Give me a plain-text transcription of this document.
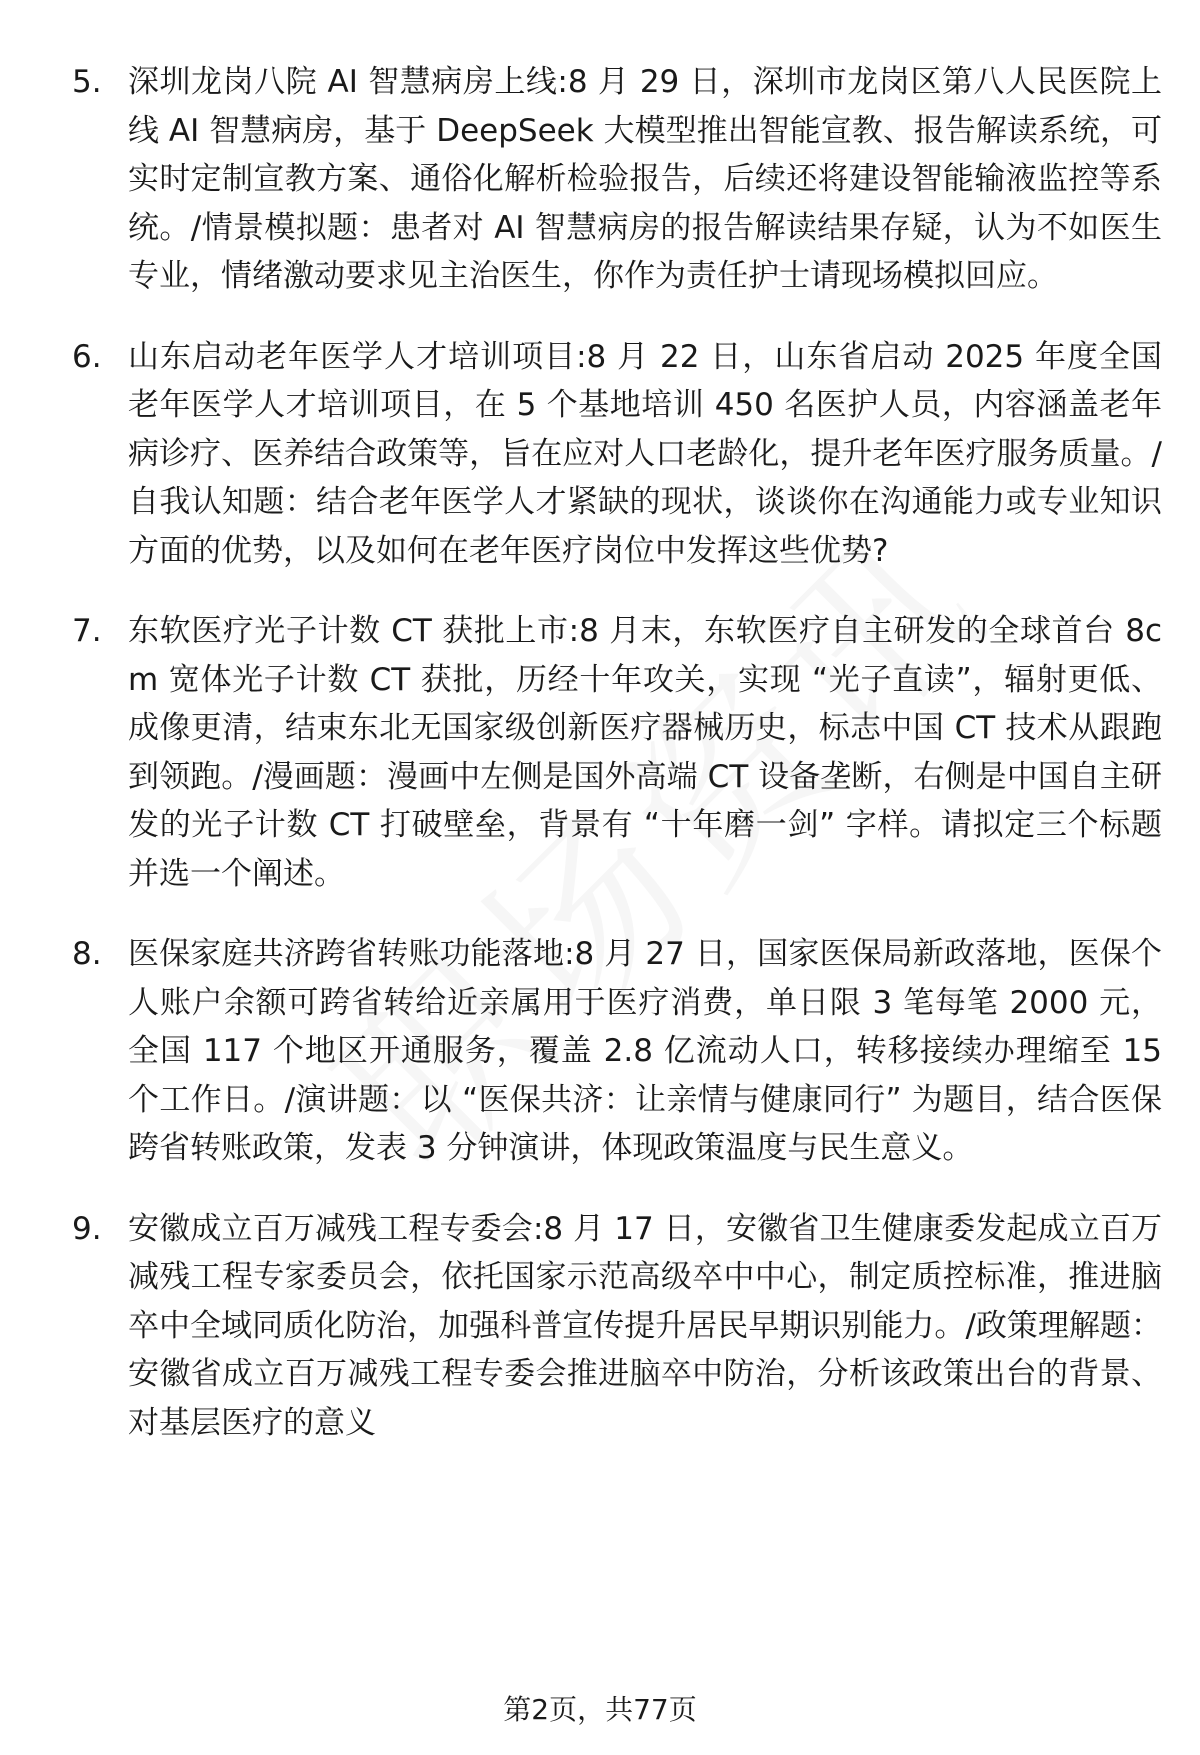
5. 深圳龙岗八院 AI 智慧病房上线:8 月 29 日，深圳市龙岗区第八人民医院上线 AI 智慧病房，基于 DeepSeek 大模型推出智能宣教、报告解读系统，可实时定制宣教方案、通俗化解析检验报告，后续还将建设智能输液监控等系统。/情景模拟题：患者对 AI 智慧病房的报告解读结果存疑，认为不如医生专业，情绪激动要求见主治医生，你作为责任护士请现场模拟回应。
6. 山东启动老年医学人才培训项目:8 月 22 日，山东省启动 2025 年度全国老年医学人才培训项目，在 5 个基地培训 450 名医护人员，内容涵盖老年病诊疗、医养结合政策等，旨在应对人口老龄化，提升老年医疗服务质量。/自我认知题：结合老年医学人才紧缺的现状，谈谈你在沟通能力或专业知识方面的优势，以及如何在老年医疗岗位中发挥这些优势?
7. 东软医疗光子计数 CT 获批上市:8 月末，东软医疗自主研发的全球首台 8cm 宽体光子计数 CT 获批，历经十年攻关，实现 “光子直读”，辐射更低、成像更清，结束东北无国家级创新医疗器械历史，标志中国 CT 技术从跟跑到领跑。/漫画题：漫画中左侧是国外高端 CT 设备垄断，右侧是中国自主研发的光子计数 CT 打破壁垒，背景有 “十年磨一剑” 字样。请拟定三个标题并选一个阐述。
8. 医保家庭共济跨省转账功能落地:8 月 27 日，国家医保局新政落地，医保个人账户余额可跨省转给近亲属用于医疗消费，单日限 3 笔每笔 2000 元，全国 117 个地区开通服务，覆盖 2.8 亿流动人口，转移接续办理缩至 15 个工作日。/演讲题：以 “医保共济：让亲情与健康同行” 为题目，结合医保跨省转账政策，发表 3 分钟演讲，体现政策温度与民生意义。
9. 安徽成立百万减残工程专委会:8 月 17 日，安徽省卫生健康委发起成立百万减残工程专家委员会，依托国家示范高级卒中中心，制定质控标准，推进脑卒中全域同质化防治，加强科普宣传提升居民早期识别能力。/政策理解题：安徽省成立百万减残工程专委会推进脑卒中防治，分析该政策出台的背景、对基层医疗的意义
第2页，共77页
